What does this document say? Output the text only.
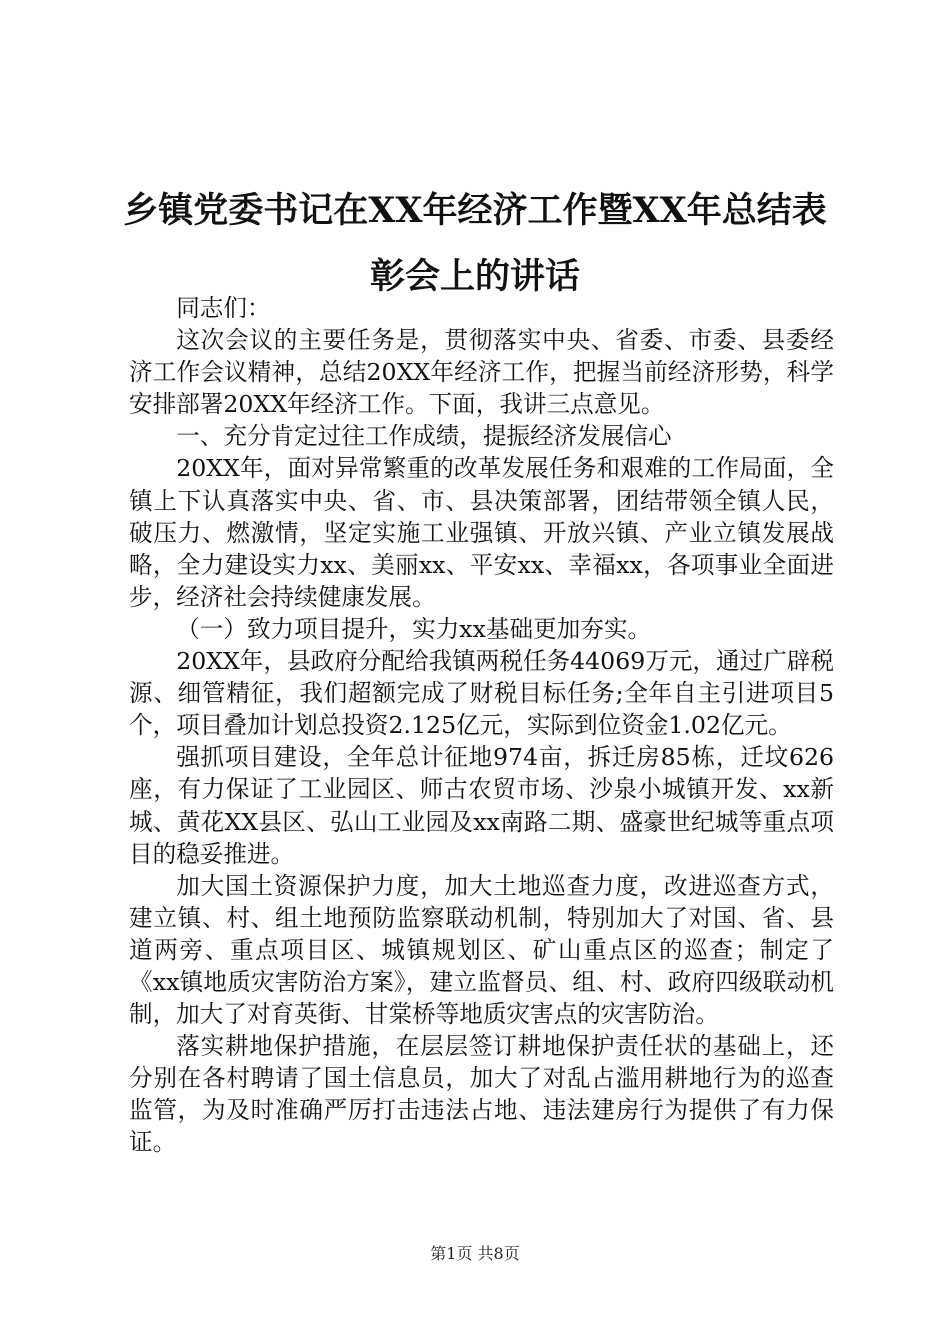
乡镇党委书记在XX年经济工作暨XX年总结表彰会上的讲话

同志们：

这次会议的主要任务是，贯彻落实中央、省委、市委、县委经济工作会议精神，总结20XX年经济工作，把握当前经济形势，科学安排部署20XX年经济工作。下面，我讲三点意见。

一、充分肯定过往工作成绩，提振经济发展信心

20XX年，面对异常繁重的改革发展任务和艰难的工作局面，全镇上下认真落实中央、省、市、县决策部署，团结带领全镇人民，破压力、燃激情，坚定实施工业强镇、开放兴镇、产业立镇发展战略，全力建设实力xx、美丽xx、平安xx、幸福xx，各项事业全面进步，经济社会持续健康发展。

（一）致力项目提升，实力xx基础更加夯实。

20XX年，县政府分配给我镇两税任务44069万元，通过广辟税源、细管精征，我们超额完成了财税目标任务;全年自主引进项目5个，项目叠加计划总投资2.125亿元，实际到位资金1.02亿元。

强抓项目建设，全年总计征地974亩，拆迁房85栋，迁坟626座，有力保证了工业园区、师古农贸市场、沙泉小城镇开发、xx新城、黄花XX县区、弘山工业园及xx南路二期、盛豪世纪城等重点项目的稳妥推进。

加大国土资源保护力度，加大土地巡查力度，改进巡查方式，建立镇、村、组土地预防监察联动机制，特别加大了对国、省、县道两旁、重点项目区、城镇规划区、矿山重点区的巡查；制定了《xx镇地质灾害防治方案》，建立监督员、组、村、政府四级联动机制，加大了对育英街、甘棠桥等地质灾害点的灾害防治。

落实耕地保护措施，在层层签订耕地保护责任状的基础上，还分别在各村聘请了国土信息员，加大了对乱占滥用耕地行为的巡查监管，为及时准确严厉打击违法占地、违法建房行为提供了有力保证。

第1页 共8页
